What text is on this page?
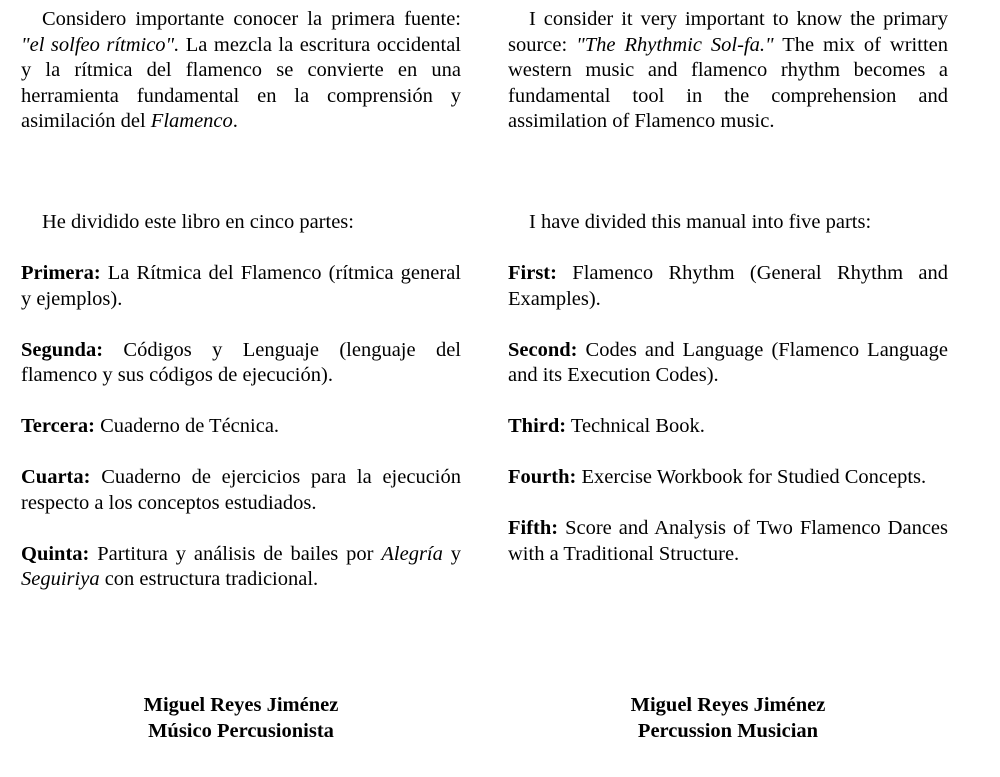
Considero importante conocer la primera fuente: "el solfeo rítmico". La mezcla la escritura occidental y la rítmica del flamenco se convierte en una herramienta fundamental en la comprensión y asimilación del Flamenco.

He dividido este libro en cinco partes:

Primera: La Rítmica del Flamenco (rítmica general y ejemplos).

Segunda: Códigos y Lenguaje (lenguaje del flamenco y sus códigos de ejecución).

Tercera: Cuaderno de Técnica.

Cuarta: Cuaderno de ejercicios para la ejecución respecto a los conceptos estudiados.

Quinta: Partitura y análisis de bailes por Alegría y Seguiriya con estructura tradicional.

Miguel Reyes Jiménez
Músico Percusionista

I consider it very important to know the primary source: "The Rhythmic Sol-fa." The mix of written western music and flamenco rhythm becomes a fundamental tool in the comprehension and assimilation of Flamenco music.

I have divided this manual into five parts:

First: Flamenco Rhythm (General Rhythm and Examples).

Second: Codes and Language (Flamenco Language and its Execution Codes).

Third: Technical Book.

Fourth: Exercise Workbook for Studied Concepts.

Fifth: Score and Analysis of Two Flamenco Dances with a Traditional Structure.

Miguel Reyes Jiménez
Percussion Musician
